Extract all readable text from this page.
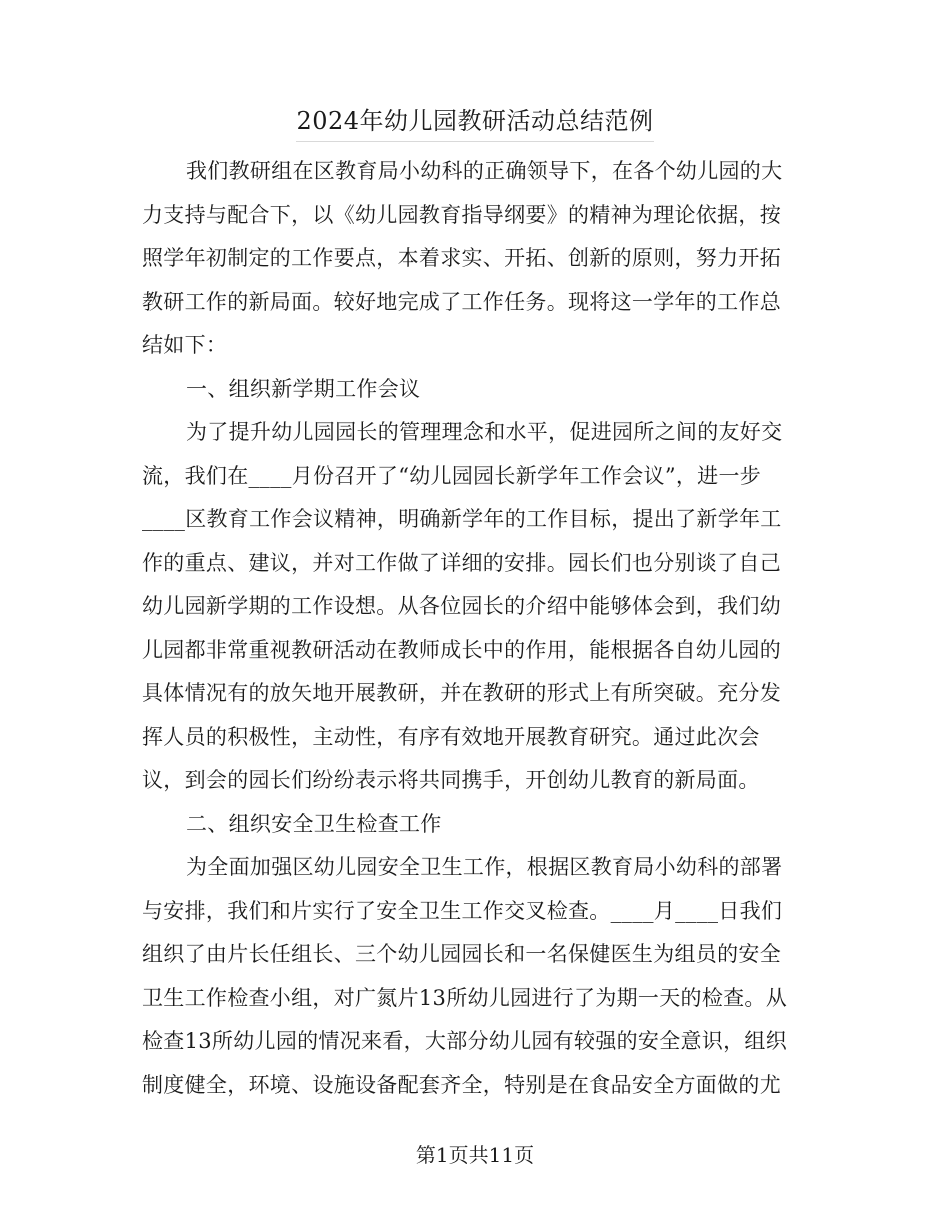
2024年幼儿园教研活动总结范例
我们教研组在区教育局小幼科的正确领导下，在各个幼儿园的大
力支持与配合下，以《幼儿园教育指导纲要》的精神为理论依据，按
照学年初制定的工作要点，本着求实、开拓、创新的原则，努力开拓
教研工作的新局面。较好地完成了工作任务。现将这一学年的工作总
结如下：
一、组织新学期工作会议
为了提升幼儿园园长的管理理念和水平，促进园所之间的友好交
流，我们在____月份召开了“幼儿园园长新学年工作会议”，进一步
____区教育工作会议精神，明确新学年的工作目标，提出了新学年工
作的重点、建议，并对工作做了详细的安排。园长们也分别谈了自己
幼儿园新学期的工作设想。从各位园长的介绍中能够体会到，我们幼
儿园都非常重视教研活动在教师成长中的作用，能根据各自幼儿园的
具体情况有的放矢地开展教研，并在教研的形式上有所突破。充分发
挥人员的积极性，主动性，有序有效地开展教育研究。通过此次会
议，到会的园长们纷纷表示将共同携手，开创幼儿教育的新局面。
二、组织安全卫生检查工作
为全面加强区幼儿园安全卫生工作，根据区教育局小幼科的部署
与安排，我们和片实行了安全卫生工作交叉检查。____月____日我们
组织了由片长任组长、三个幼儿园园长和一名保健医生为组员的安全
卫生工作检查小组，对广氮片13所幼儿园进行了为期一天的检查。从
检查13所幼儿园的情况来看，大部分幼儿园有较强的安全意识，组织
制度健全，环境、设施设备配套齐全，特别是在食品安全方面做的尤
第1页共11页
